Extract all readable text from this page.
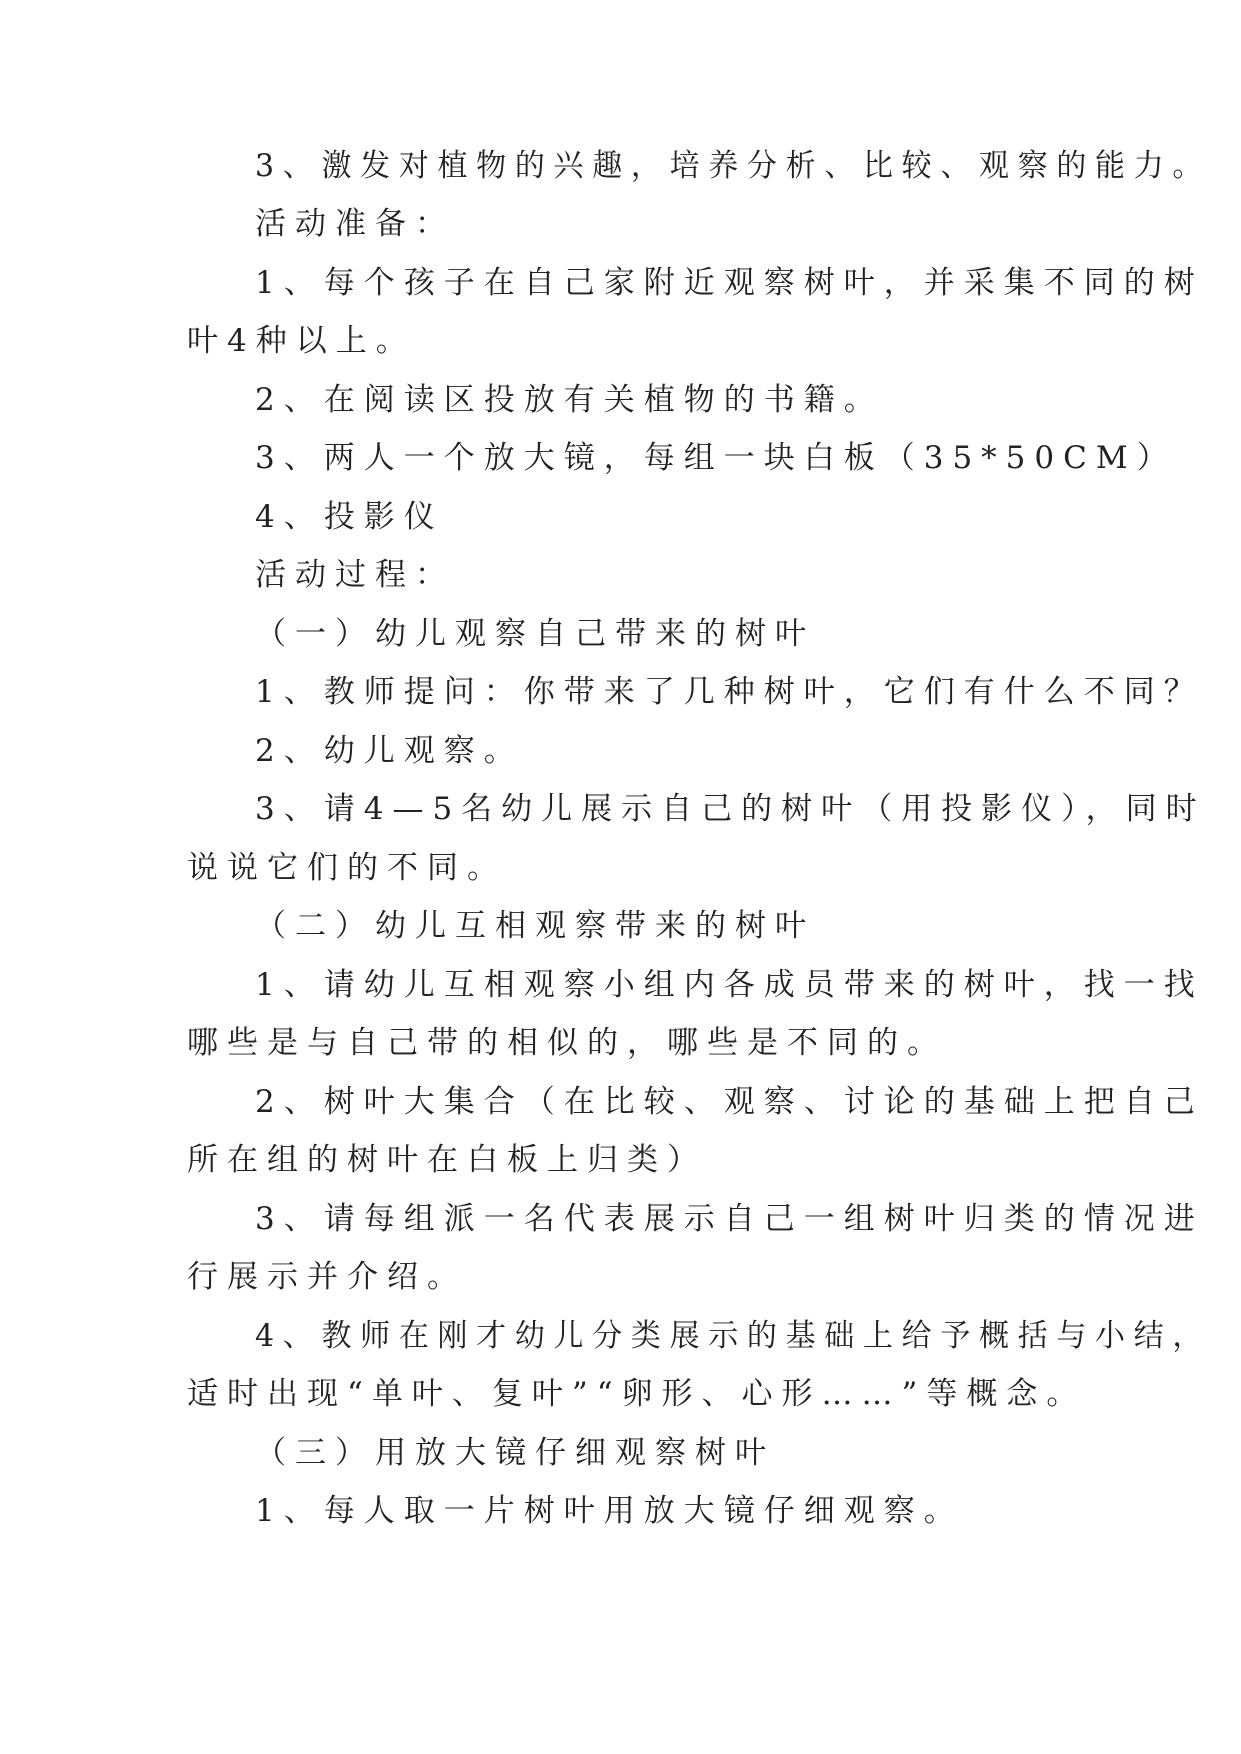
3、激发对植物的兴趣，培养分析、比较、观察的能力。
活动准备：
1、每个孩子在自己家附近观察树叶，并采集不同的树
叶4种以上。
2、在阅读区投放有关植物的书籍。
3、两人一个放大镜，每组一块白板（35*50CM）
4、投影仪
活动过程：
（一）幼儿观察自己带来的树叶
1、教师提问：你带来了几种树叶，它们有什么不同？
2、幼儿观察。
3、请4—5名幼儿展示自己的树叶（用投影仪），同时
说说它们的不同。
（二）幼儿互相观察带来的树叶
1、请幼儿互相观察小组内各成员带来的树叶，找一找
哪些是与自己带的相似的，哪些是不同的。
2、树叶大集合（在比较、观察、讨论的基础上把自己
所在组的树叶在白板上归类）
3、请每组派一名代表展示自己一组树叶归类的情况进
行展示并介绍。
4、教师在刚才幼儿分类展示的基础上给予概括与小结，
适时出现“单叶、复叶”“卵形、心形……”等概念。
（三）用放大镜仔细观察树叶
1、每人取一片树叶用放大镜仔细观察。
